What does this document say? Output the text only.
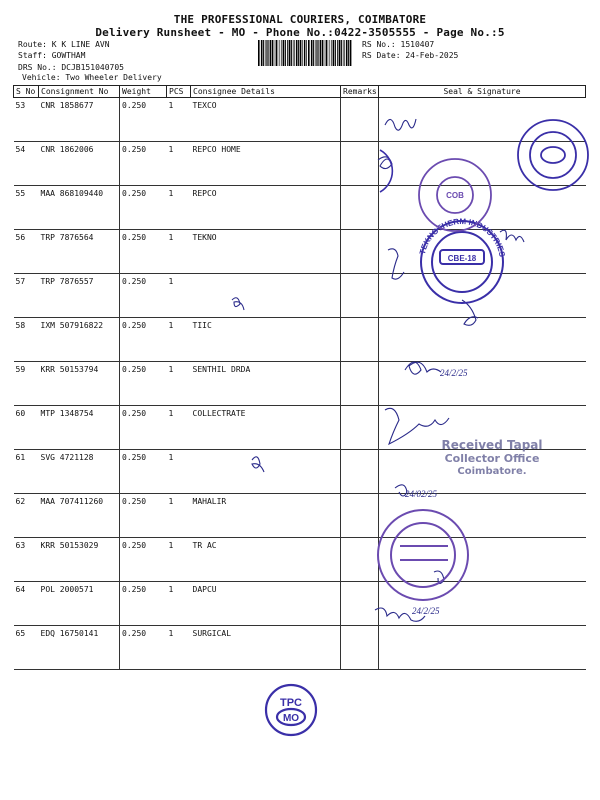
THE PROFESSIONAL COURIERS, COIMBATORE
Delivery Runsheet - MO - Phone No.:0422-3505555 - Page No.:5
Route: K K LINE AVN
Staff: GOWTHAM
DRS No.: DCJB151040705
Vehicle: Two Wheeler Delivery
RS No.: 1510407
RS Date: 24-Feb-2025
S No	Consignment No	Weight	PCS	Consignee Details	Remarks	Seal & Signature
53	CNR 1858677	0.250	1	TEXCO		
54	CNR 1862006	0.250	1	REPCO HOME		
55	MAA 868109440	0.250	1	REPCO		
56	TRP 7876564	0.250	1	TEKNO		
57	TRP 7876557	0.250	1			
58	IXM 507916822	0.250	1	TIIC		
59	KRR 50153794	0.250	1	SENTHIL DRDA		
60	MTP 1348754	0.250	1	COLLECTRATE		
61	SVG 4721128	0.250	1			
62	MAA 707411260	0.250	1	MAHALIR		
63	KRR 50153029	0.250	1	TR AC		
64	POL 2000571	0.250	1	DAPCU		
65	EDQ 16750141	0.250	1	SURGICAL		
24/2/25
24/02/25
24/2/25
TEKNOTHERM INDUSTRIES
CBE-18
COB
Received Tapal
Collector Office
Coimbatore.
TPC
MO
